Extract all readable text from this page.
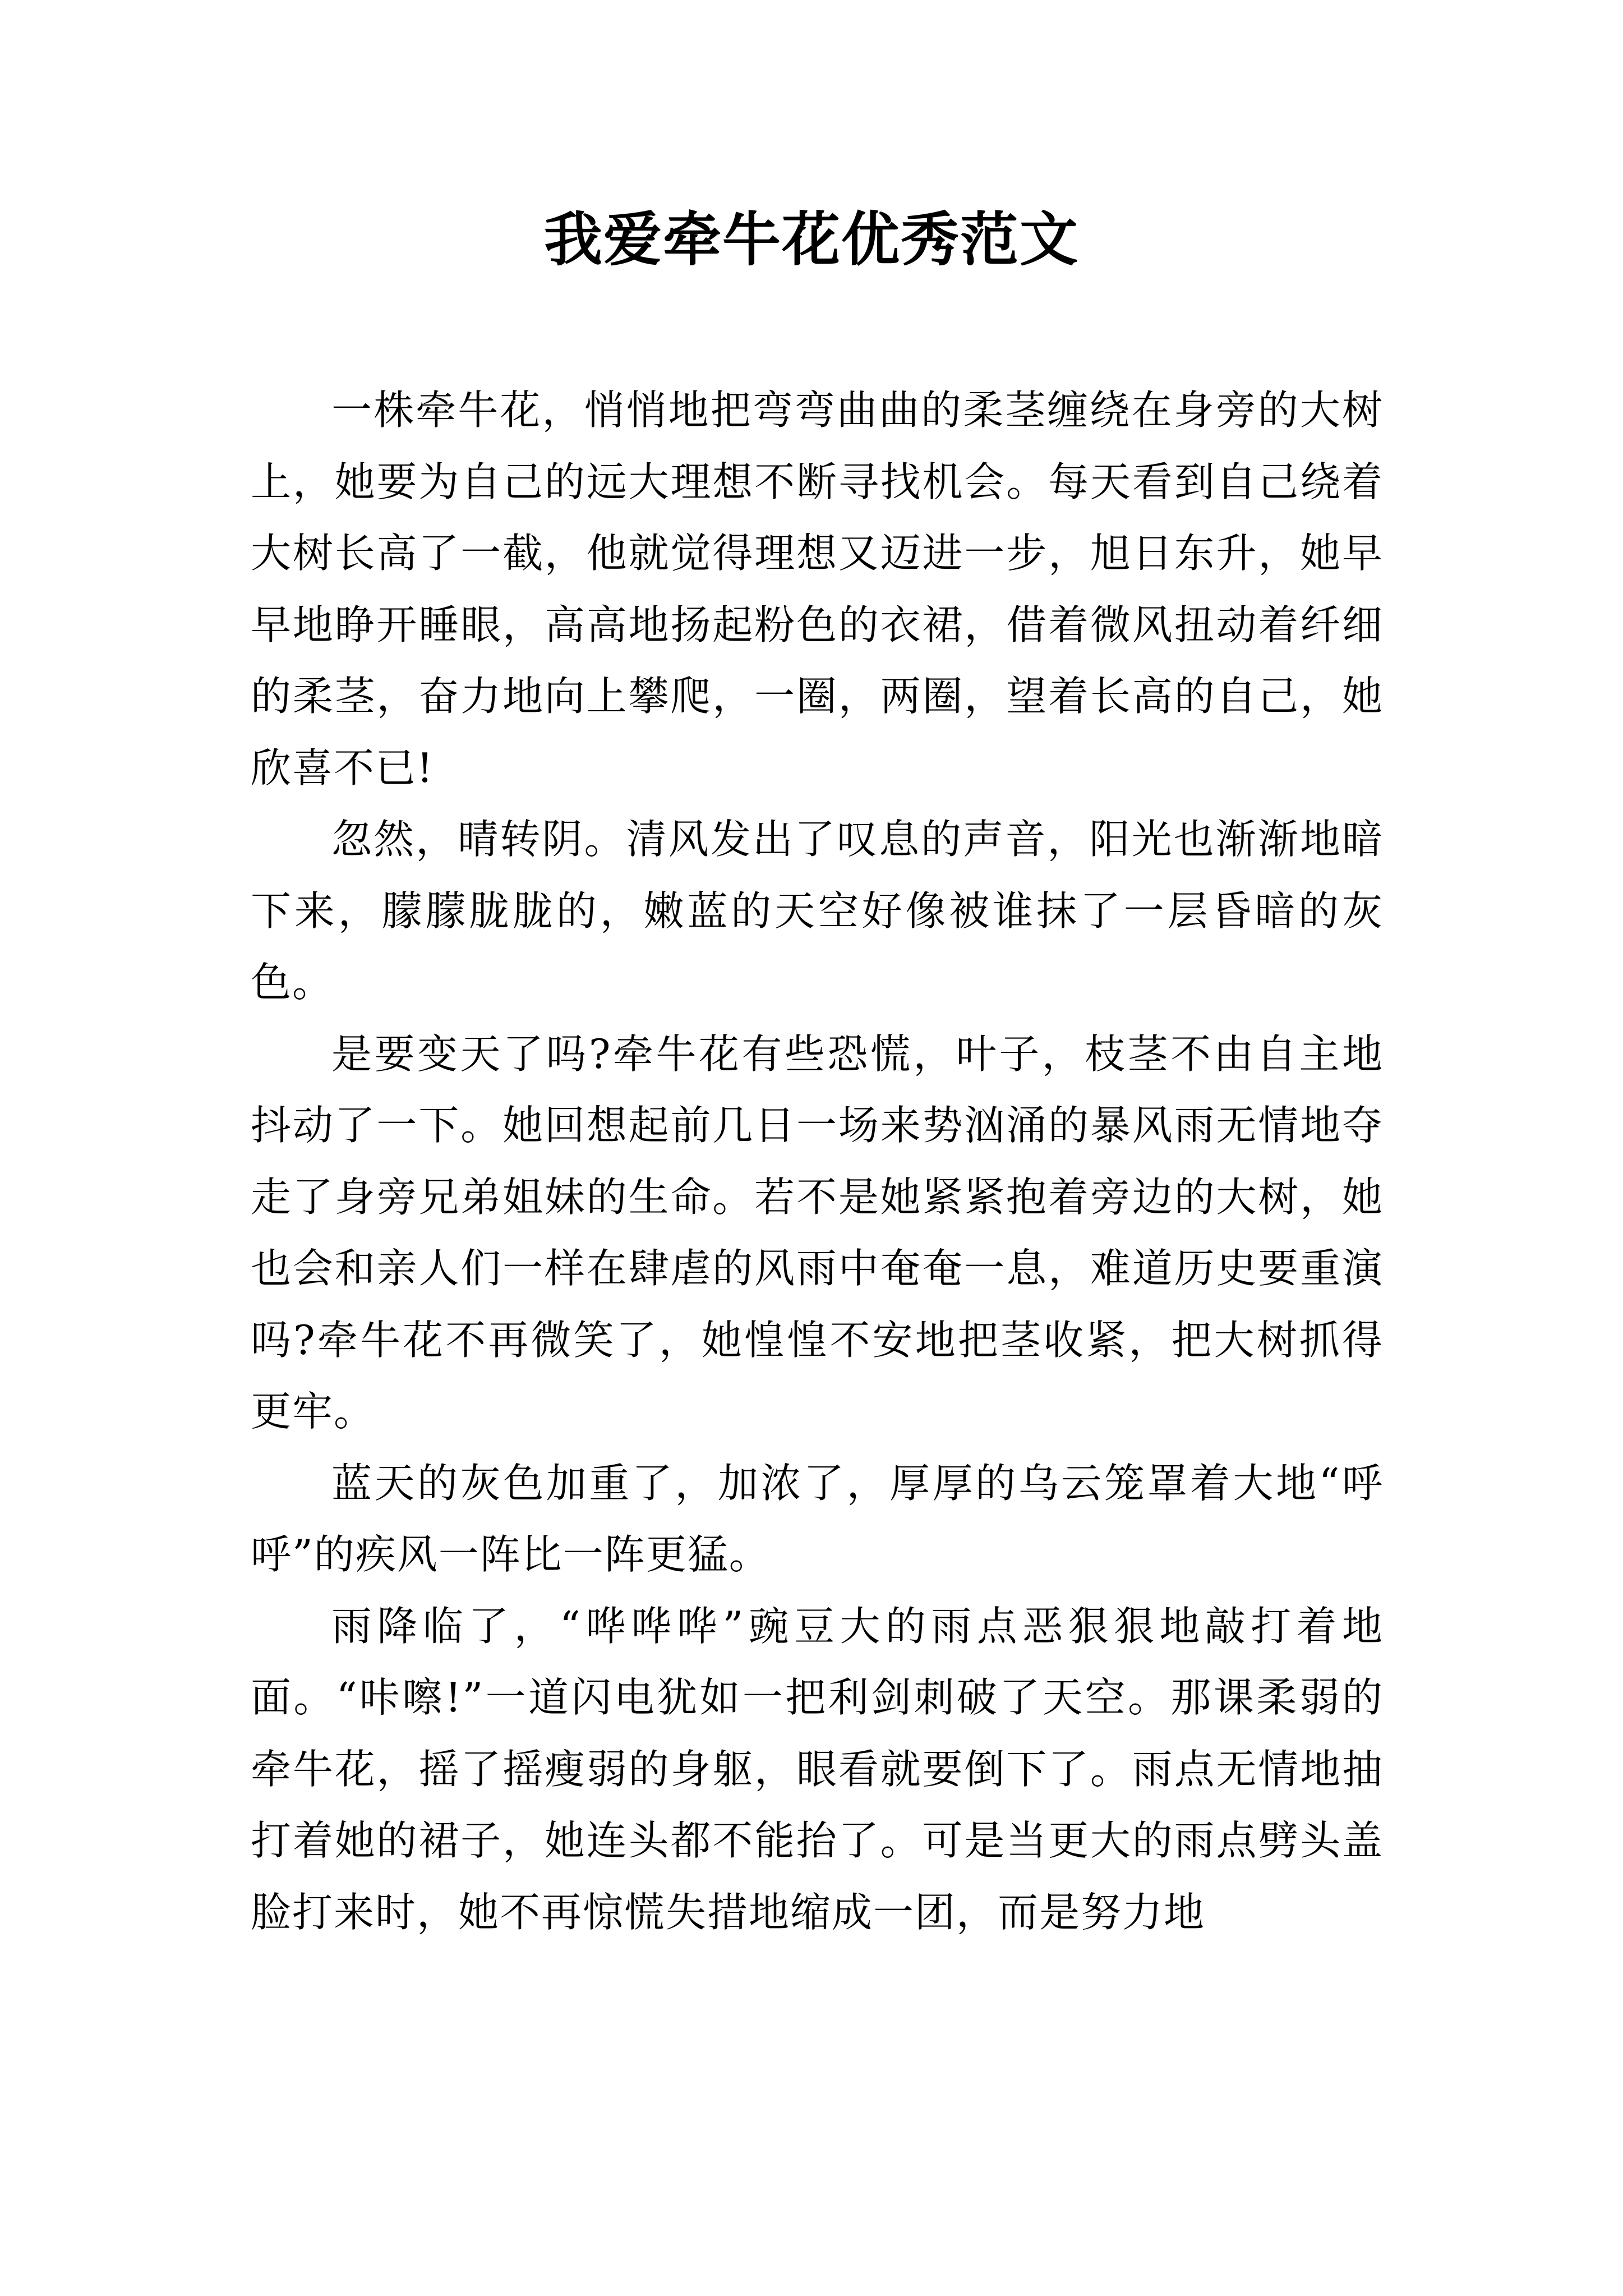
我爱牵牛花优秀范文

一株牵牛花，悄悄地把弯弯曲曲的柔茎缠绕在身旁的大树上，她要为自己的远大理想不断寻找机会。每天看到自己绕着大树长高了一截，他就觉得理想又迈进一步，旭日东升，她早早地睁开睡眼，高高地扬起粉色的衣裙，借着微风扭动着纤细的柔茎，奋力地向上攀爬，一圈，两圈，望着长高的自己，她欣喜不已!

忽然，晴转阴。清风发出了叹息的声音，阳光也渐渐地暗下来，朦朦胧胧的，嫩蓝的天空好像被谁抹了一层昏暗的灰色。

是要变天了吗?牵牛花有些恐慌，叶子，枝茎不由自主地抖动了一下。她回想起前几日一场来势汹涌的暴风雨无情地夺走了身旁兄弟姐妹的生命。若不是她紧紧抱着旁边的大树，她也会和亲人们一样在肆虐的风雨中奄奄一息，难道历史要重演吗?牵牛花不再微笑了，她惶惶不安地把茎收紧，把大树抓得更牢。

蓝天的灰色加重了，加浓了，厚厚的乌云笼罩着大地“呼呼”的疾风一阵比一阵更猛。

雨降临了，“哗哗哗”豌豆大的雨点恶狠狠地敲打着地面。“咔嚓!”一道闪电犹如一把利剑刺破了天空。那课柔弱的牵牛花，摇了摇瘦弱的身躯，眼看就要倒下了。雨点无情地抽打着她的裙子，她连头都不能抬了。可是当更大的雨点劈头盖脸打来时，她不再惊慌失措地缩成一团，而是努力地
